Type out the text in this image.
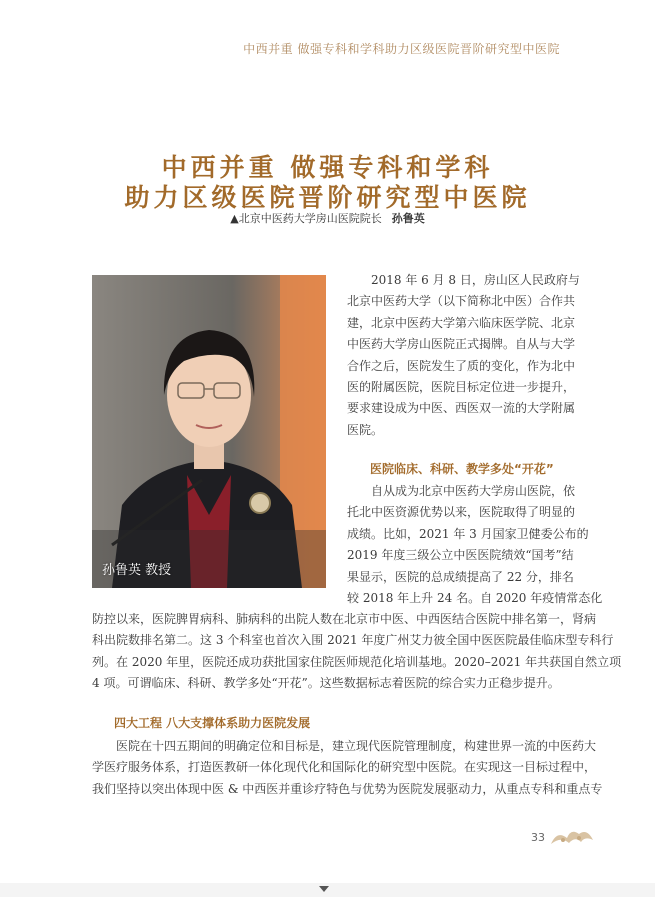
中西并重 做强专科和学科助力区级医院晋阶研究型中医院
中西并重 做强专科和学科
助力区级医院晋阶研究型中医院
▲北京中医药大学房山医院院长 孙鲁英
孙鲁英 教授
2018 年 6 月 8 日，房山区人民政府与
北京中医药大学（以下简称北中医）合作共
建，北京中医药大学第六临床医学院、北京
中医药大学房山医院正式揭牌。自从与大学
合作之后，医院发生了质的变化，作为北中
医的附属医院，医院目标定位进一步提升，
要求建设成为中医、西医双一流的大学附属
医院。
医院临床、科研、教学多处“开花”
自从成为北京中医药大学房山医院，依
托北中医资源优势以来，医院取得了明显的
成绩。比如，2021 年 3 月国家卫健委公布的
2019 年度三级公立中医医院绩效“国考”结
果显示，医院的总成绩提高了 22 分，排名
较 2018 年上升 24 名。自 2020 年疫情常态化
防控以来，医院脾胃病科、肺病科的出院人数在北京市中医、中西医结合医院中排名第一，肾病
科出院数排名第二。这 3 个科室也首次入围 2021 年度广州艾力彼全国中医医院最佳临床型专科行
列。在 2020 年里，医院还成功获批国家住院医师规范化培训基地。2020–2021 年共获国自然立项
4 项。可谓临床、科研、教学多处“开花”。这些数据标志着医院的综合实力正稳步提升。
四大工程 八大支撑体系助力医院发展
医院在十四五期间的明确定位和目标是，建立现代医院管理制度，构建世界一流的中医药大
学医疗服务体系，打造医教研一体化现代化和国际化的研究型中医院。在实现这一目标过程中，
我们坚持以突出体现中医 & 中西医并重诊疗特色与优势为医院发展驱动力，从重点专科和重点专
33
